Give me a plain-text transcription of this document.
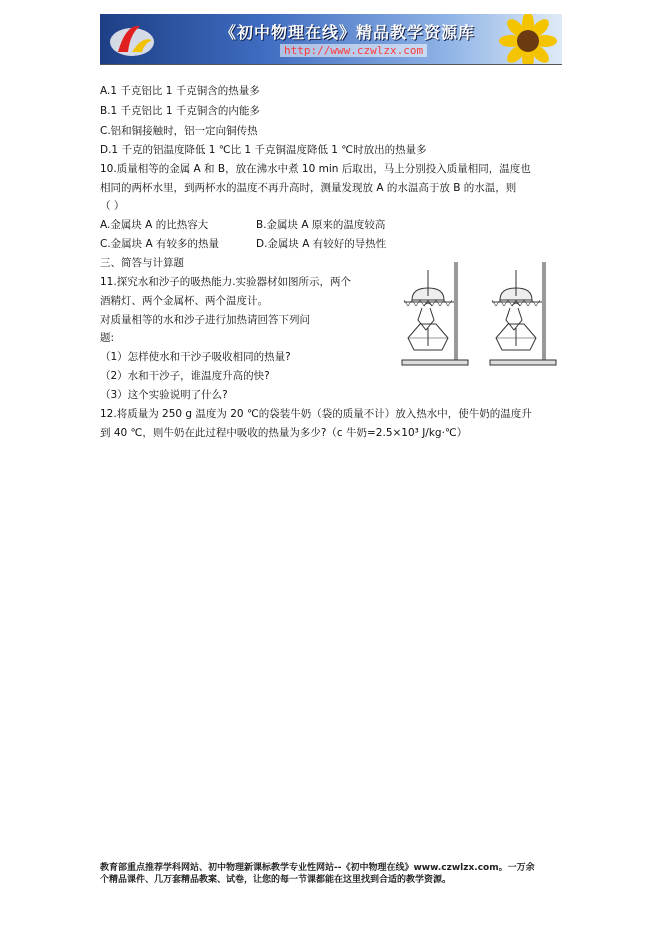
《初中物理在线》精品教学资源库
http://www.czwlzx.com
A.1 千克铝比 1 千克铜含的热量多
B.1 千克铝比 1 千克铜含的内能多
C.铝和铜接触时，铝一定向铜传热
D.1 千克的铝温度降低 1 ℃比 1 千克铜温度降低 1 ℃时放出的热量多
10.质量相等的金属 A 和 B，放在沸水中煮 10 min 后取出，马上分别投入质量相同，温度也
相同的两杯水里，到两杯水的温度不再升高时，测量发现放 A 的水温高于放 B 的水温，则
（ ）
A.金属块 A 的比热容大	B.金属块 A 原来的温度较高
C.金属块 A 有较多的热量	D.金属块 A 有较好的导热性
三、简答与计算题
11.探究水和沙子的吸热能力.实验器材如图所示，两个
酒精灯、两个金属杯、两个温度计。
对质量相等的水和沙子进行加热请回答下列问
题:
（1）怎样使水和干沙子吸收相同的热量?
（2）水和干沙子，谁温度升高的快?
（3）这个实验说明了什么?
12.将质量为 250 g 温度为 20 ℃的袋装牛奶（袋的质量不计）放入热水中，使牛奶的温度升
到 40 ℃，则牛奶在此过程中吸收的热量为多少?（c 牛奶=2.5×10³ J/kg·℃）
教育部重点推荐学科网站、初中物理新课标教学专业性网站--《初中物理在线》www.czwlzx.com。一万余
个精品课件、几万套精品教案、试卷，让您的每一节课都能在这里找到合适的教学资源。
